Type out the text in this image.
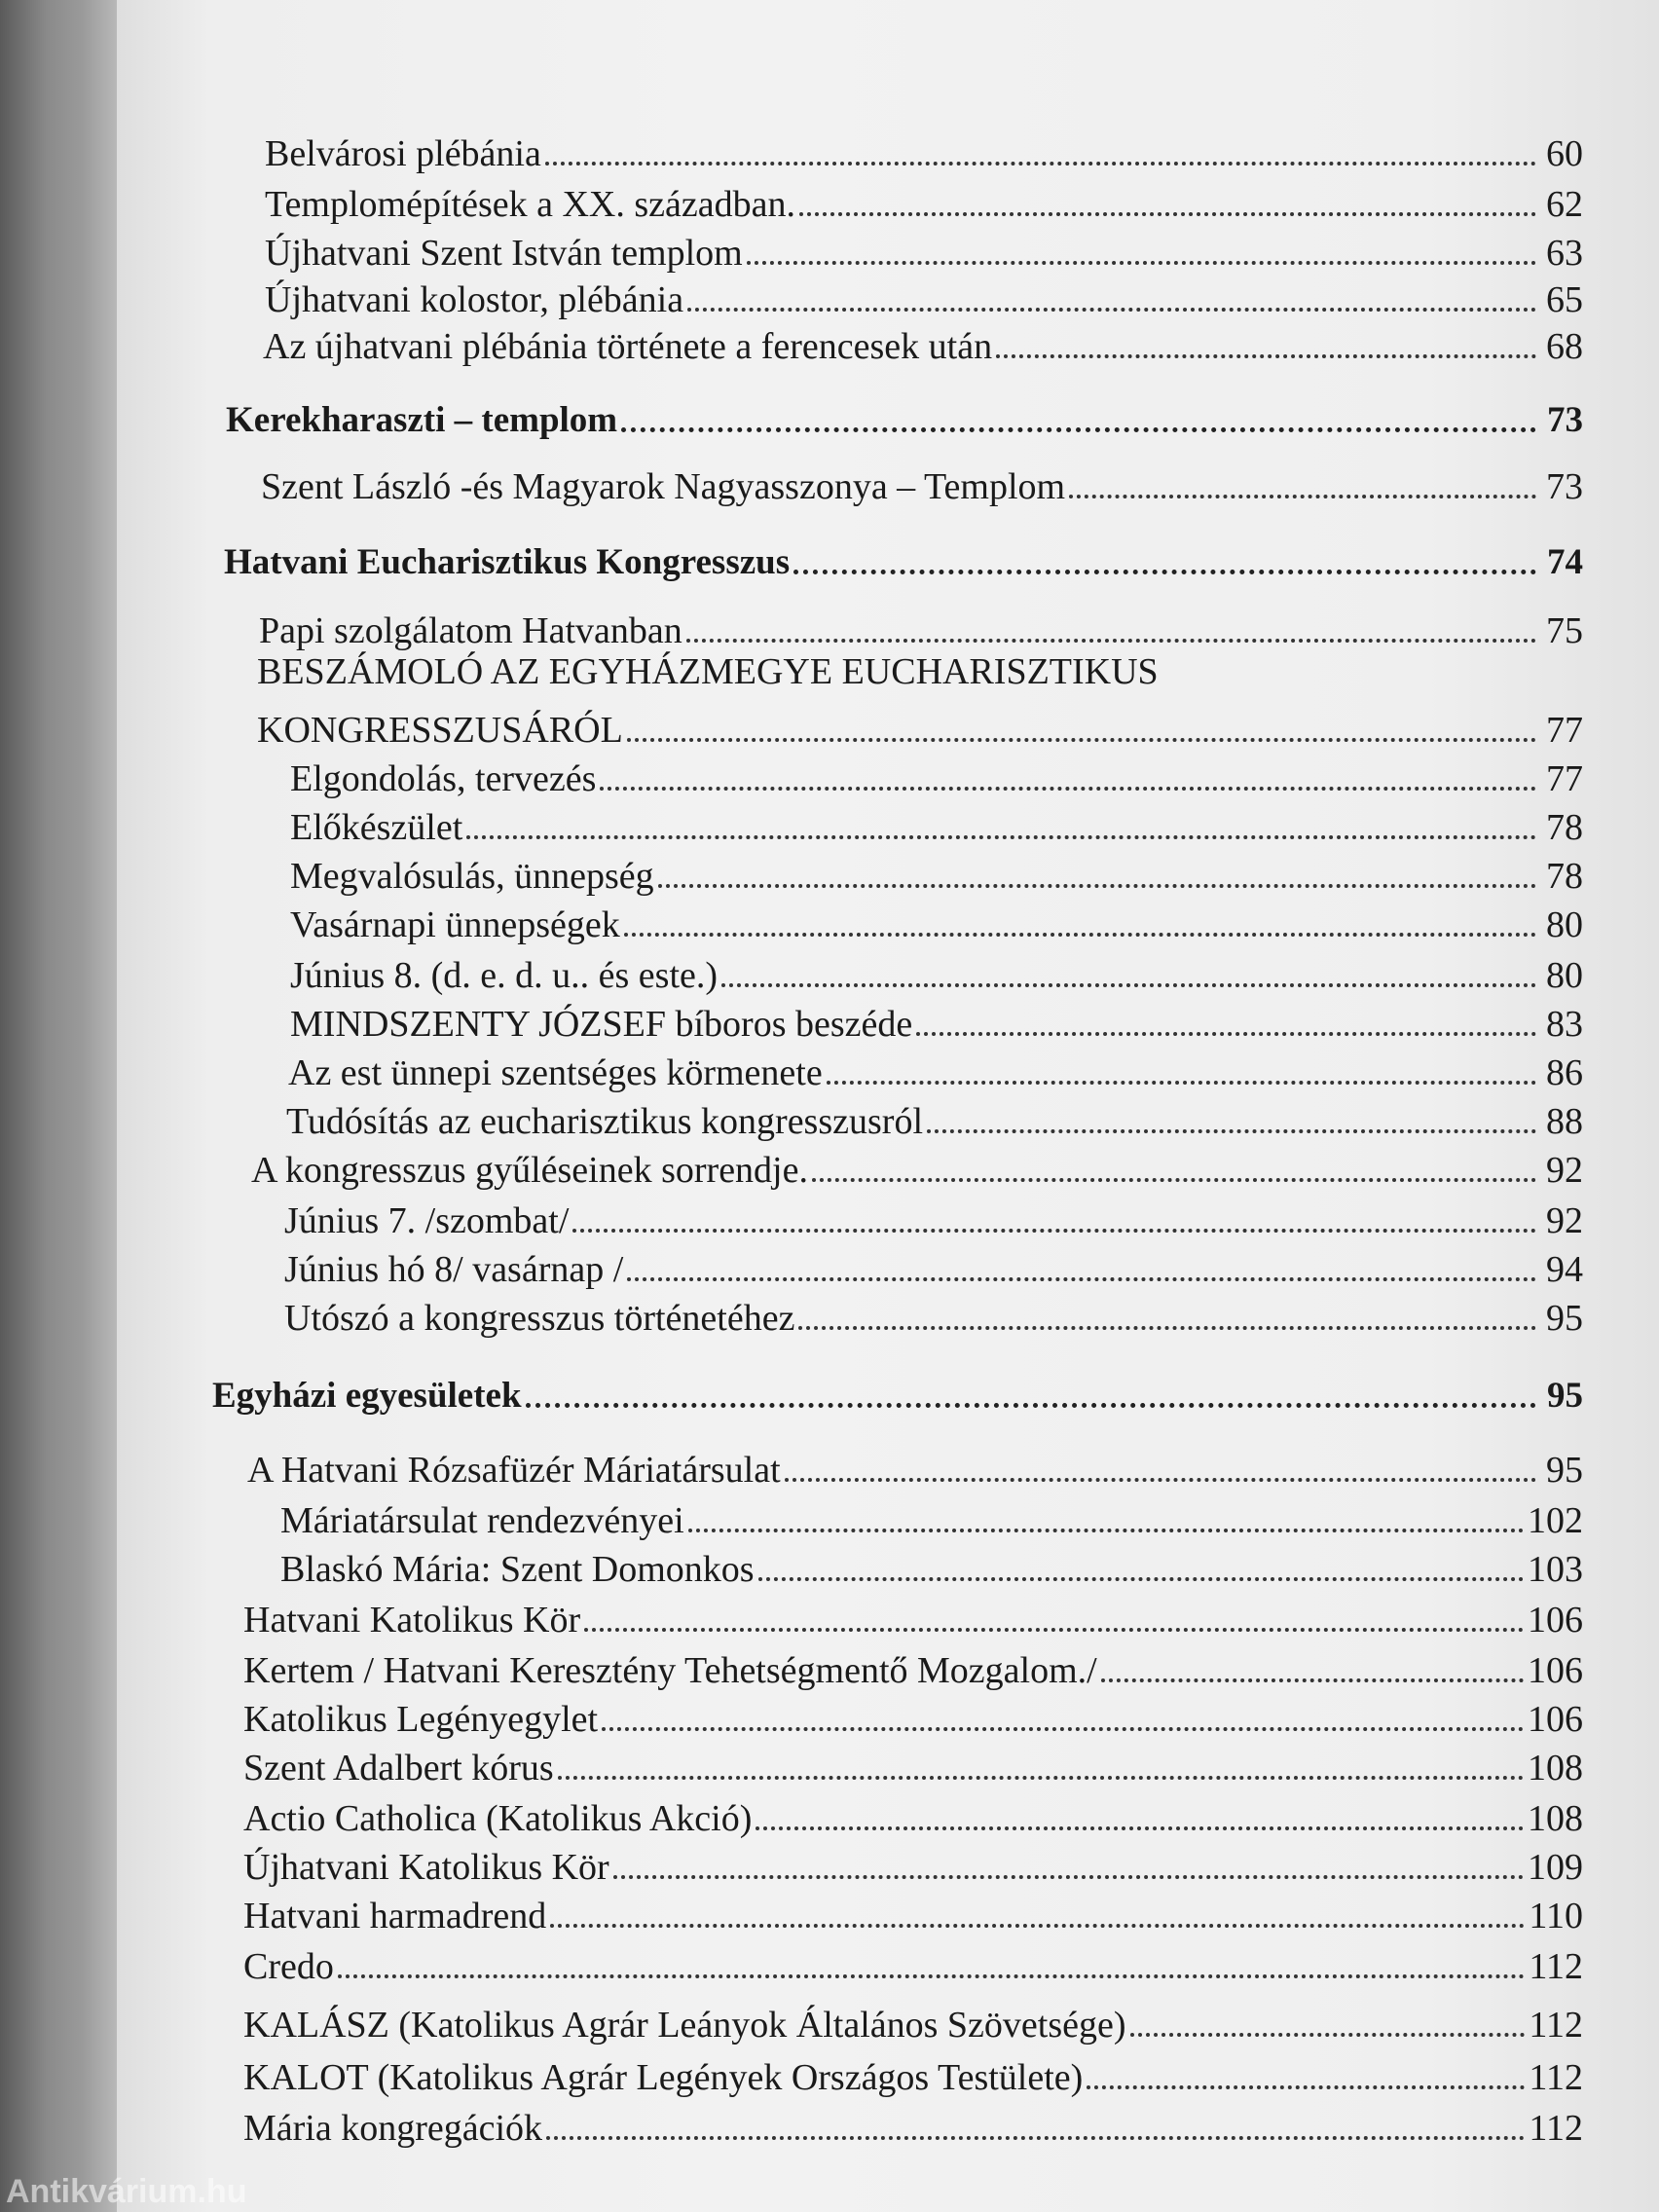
Belvárosi plébánia	60
Templomépítések a XX. században.	62
Újhatvani Szent István templom	63
Újhatvani kolostor, plébánia	65
Az újhatvani plébánia története a ferencesek után	68
Kerekharaszti – templom	73
Szent László -és Magyarok Nagyasszonya – Templom	73
Hatvani Eucharisztikus Kongresszus	74
Papi szolgálatom Hatvanban	75
BESZÁMOLÓ AZ EGYHÁZMEGYE EUCHARISZTIKUS
KONGRESSZUSÁRÓL	77
Elgondolás, tervezés	77
Előkészület	78
Megvalósulás, ünnepség	78
Vasárnapi ünnepségek	80
Június 8. (d. e. d. u.. és este.)	80
MINDSZENTY JÓZSEF bíboros beszéde	83
Az est ünnepi szentséges körmenete	86
Tudósítás az eucharisztikus kongresszusról	88
A kongresszus gyűléseinek sorrendje.	92
Június 7. /szombat/	92
Június hó 8/ vasárnap /	94
Utószó a kongresszus történetéhez	95
Egyházi egyesületek	95
A Hatvani Rózsafüzér Máriatársulat	95
Máriatársulat rendezvényei	102
Blaskó Mária: Szent Domonkos	103
Hatvani Katolikus Kör	106
Kertem / Hatvani Keresztény Tehetségmentő Mozgalom./	106
Katolikus Legényegylet	106
Szent Adalbert kórus	108
Actio Catholica (Katolikus Akció)	108
Újhatvani Katolikus Kör	109
Hatvani harmadrend	110
Credo	112
KALÁSZ (Katolikus Agrár Leányok Általános Szövetsége)	112
KALOT (Katolikus Agrár Legények Országos Testülete)	112
Mária kongregációk	112
Antikvárium.hu
